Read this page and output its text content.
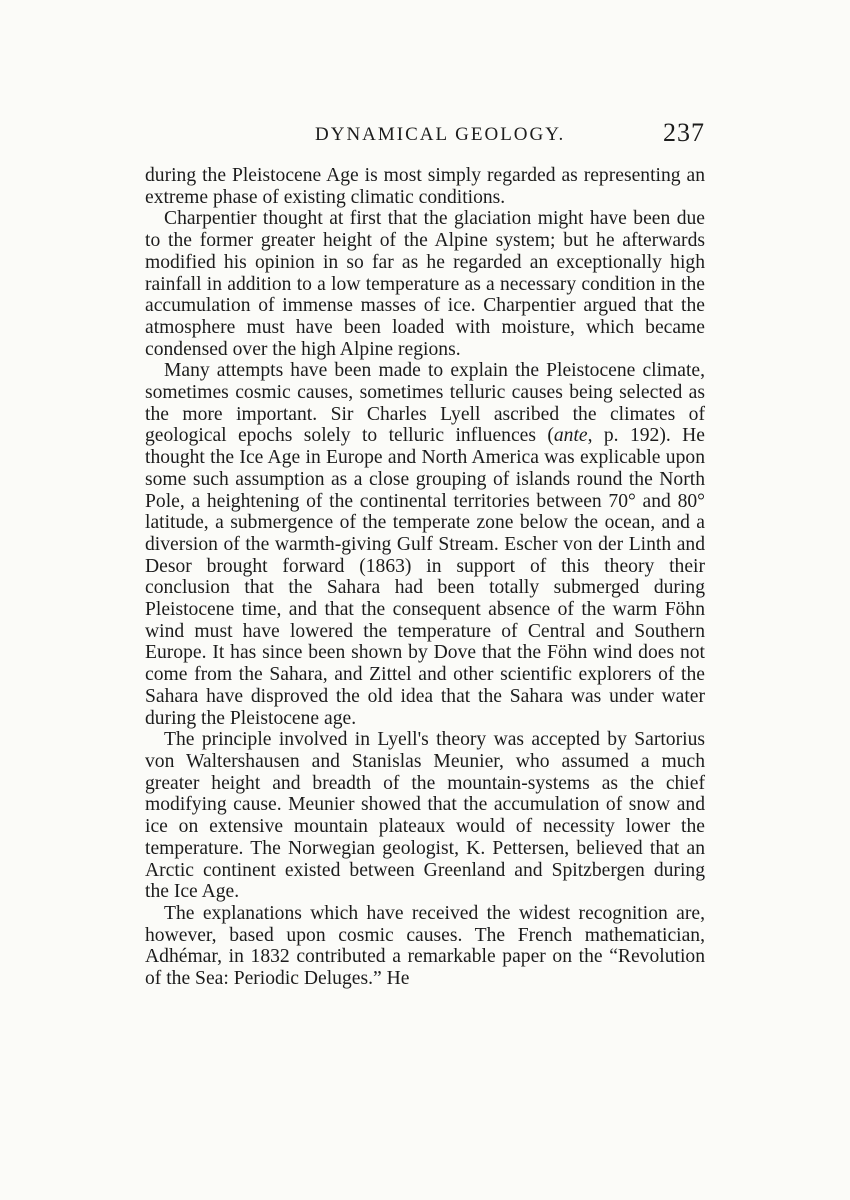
DYNAMICAL GEOLOGY.	237

during the Pleistocene Age is most simply regarded as representing an extreme phase of existing climatic conditions.

Charpentier thought at first that the glaciation might have been due to the former greater height of the Alpine system; but he afterwards modified his opinion in so far as he regarded an exceptionally high rainfall in addition to a low temperature as a necessary condition in the accumulation of immense masses of ice. Charpentier argued that the atmosphere must have been loaded with moisture, which became condensed over the high Alpine regions.

Many attempts have been made to explain the Pleistocene climate, sometimes cosmic causes, sometimes telluric causes being selected as the more important. Sir Charles Lyell ascribed the climates of geological epochs solely to telluric influences (ante, p. 192). He thought the Ice Age in Europe and North America was explicable upon some such assumption as a close grouping of islands round the North Pole, a heightening of the continental territories between 70° and 80° latitude, a submergence of the temperate zone below the ocean, and a diversion of the warmth-giving Gulf Stream. Escher von der Linth and Desor brought forward (1863) in support of this theory their conclusion that the Sahara had been totally submerged during Pleistocene time, and that the consequent absence of the warm Föhn wind must have lowered the temperature of Central and Southern Europe. It has since been shown by Dove that the Föhn wind does not come from the Sahara, and Zittel and other scientific explorers of the Sahara have disproved the old idea that the Sahara was under water during the Pleistocene age.

The principle involved in Lyell's theory was accepted by Sartorius von Waltershausen and Stanislas Meunier, who assumed a much greater height and breadth of the mountain-systems as the chief modifying cause. Meunier showed that the accumulation of snow and ice on extensive mountain plateaux would of necessity lower the temperature. The Norwegian geologist, K. Pettersen, believed that an Arctic continent existed between Greenland and Spitzbergen during the Ice Age.

The explanations which have received the widest recognition are, however, based upon cosmic causes. The French mathematician, Adhémar, in 1832 contributed a remarkable paper on the “Revolution of the Sea: Periodic Deluges.” He
